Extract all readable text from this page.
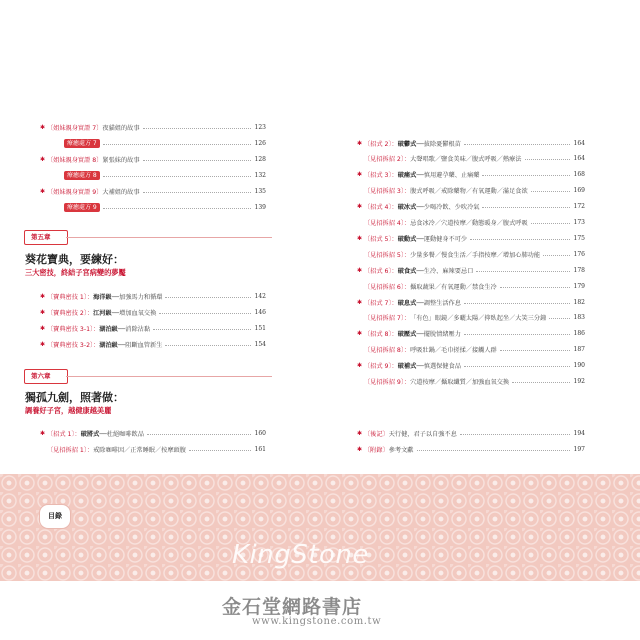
✱ 〔姐妹親身實證 7〕 夜貓姐的故事	123
療癒處方 7	126
✱ 〔姐妹親身實證 8〕 緊張妹的故事	128
療癒處方 8	132
✱ 〔姐妹親身實證 9〕 大補姐的故事	135
療癒處方 9	139
第五章
葵花寶典，要練好：
三大密技，終結子宮病變的夢魘
✱ 〔寶典密技 1〕： 海洋級 ──加強馬力和循環	142
✱ 〔寶典密技 2〕： 江河級 ──增加血氧交換	146
✱ 〔寶典密技 3-1〕： 湖泊級 ──消除沾黏	151
✱ 〔寶典密技 3-2〕： 湖泊級 ──阻斷血管新生	154
第六章
獨孤九劍，照著做：
調養好子宮，越健康越美麗
✱ 〔招式 1〕： 破將式 ──杜絕咖啡飲品	160
〔見招拆招 1〕： 戒除咖啡因／正常睡眠／按摩頭腹	161
✱ 〔招式 2〕： 破鬱式 ──拔除憂鬱根苗	164
〔見招拆招 2〕： 大聲唱歌／鹽食美味／腹式呼吸／熱療法	164
✱ 〔招式 3〕： 破痛式 ──慎用避孕藥、止痛藥	168
〔見招拆招 3〕： 腹式呼吸／戒除藥物／有氧運動／滿足食欲	169
✱ 〔招式 4〕： 破冰式 ──少喝冷飲、少吹冷氣	172
〔見招拆招 4〕： 忌食冰冷／穴道按摩／動態暖身／腹式呼吸	173
✱ 〔招式 5〕： 破動式 ──運動健身不可少	175
〔見招拆招 5〕： 少量多餐／慢食生活／手指按摩／增加心肺功能	176
✱ 〔招式 6〕： 破食式 ──生冷、麻辣要忌口	178
〔見招拆招 6〕： 攝取蔬果／有氧運動／禁食生冷	179
✱ 〔招式 7〕： 破息式 ──調整生活作息	182
〔見招拆招 7〕： 「有色」眼鏡／多曬太陽／抑臥起坐／大笑三分鐘	183
✱ 〔招式 8〕： 破壓式 ──擺脫情緒壓力	186
〔見招拆招 8〕： 呼吸壯鍋／毛巾搓揉／接觸人群	187
✱ 〔招式 9〕： 破補式 ──慎選保健食品	190
〔見招拆招 9〕： 穴道按摩／攝取纖質／加強血氧交換	192
✱ 〔後記〕 天行健，君子以自強不息	194
✱ 〔附錄〕 參考文獻	197
目錄
KingStone
金石堂網路書店
www.kingstone.com.tw
